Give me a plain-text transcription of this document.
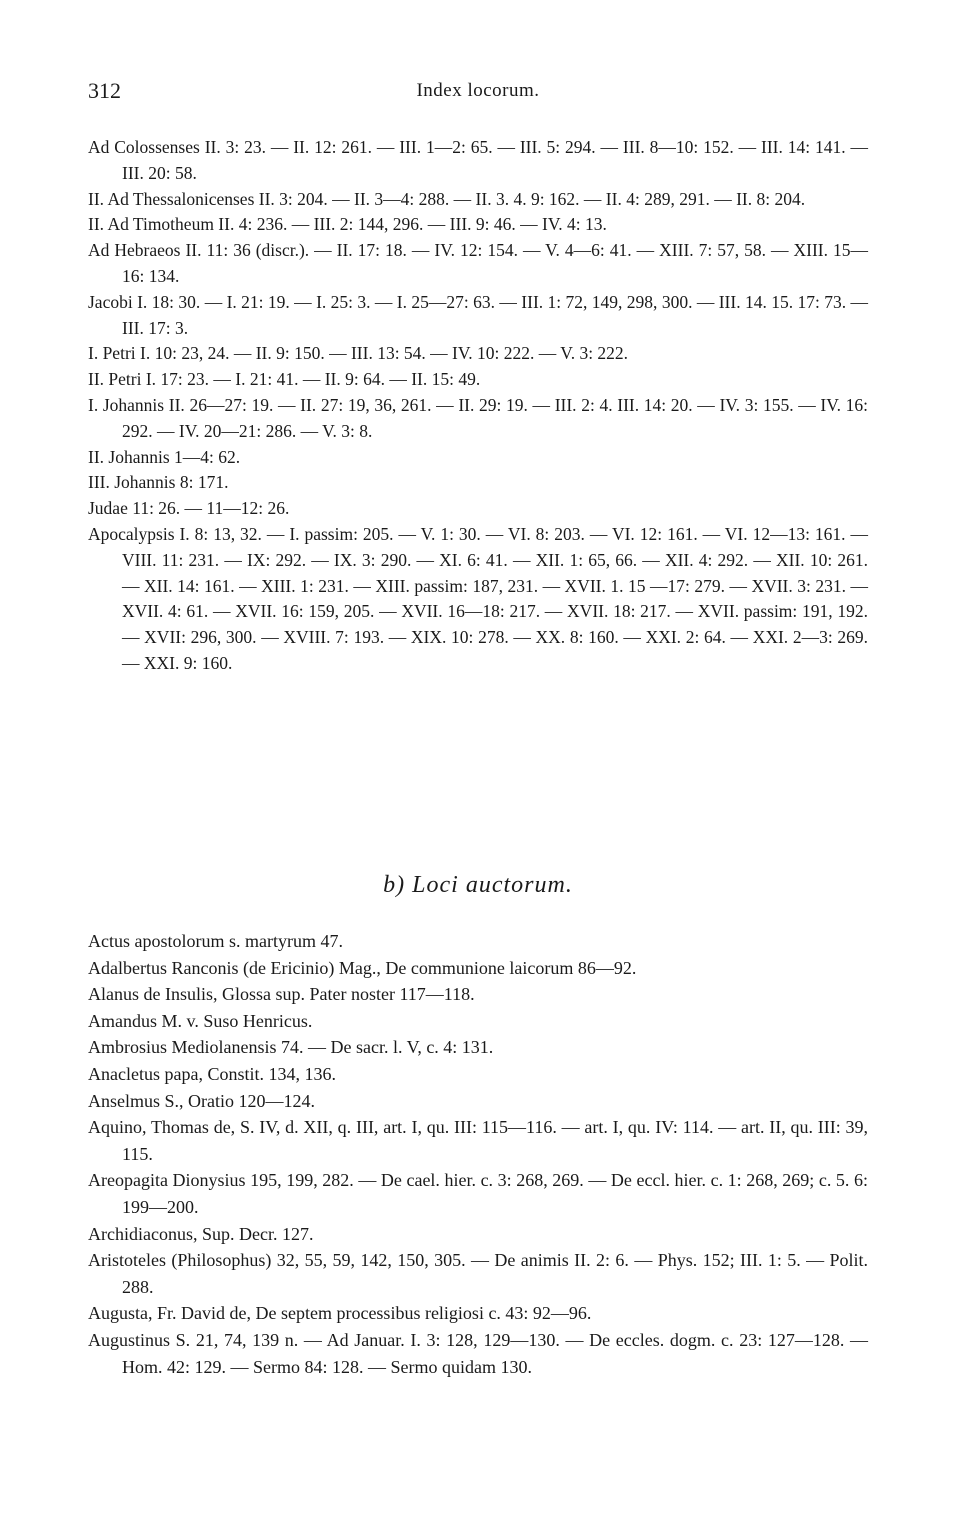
312	Index locorum.
Ad Colossenses II. 3: 23. — II. 12: 261. — III. 1—2: 65. — III. 5: 294. — III. 8—10: 152. — III. 14: 141. — III. 20: 58.
II. Ad Thessalonicenses II. 3: 204. — II. 3—4: 288. — II. 3. 4. 9: 162. — II. 4: 289, 291. — II. 8: 204.
II. Ad Timotheum II. 4: 236. — III. 2: 144, 296. — III. 9: 46. — IV. 4: 13.
Ad Hebraeos II. 11: 36 (discr.). — II. 17: 18. — IV. 12: 154. — V. 4—6: 41. — XIII. 7: 57, 58. — XIII. 15—16: 134.
Jacobi I. 18: 30. — I. 21: 19. — I. 25: 3. — I. 25—27: 63. — III. 1: 72, 149, 298, 300. — III. 14. 15. 17: 73. — III. 17: 3.
I. Petri I. 10: 23, 24. — II. 9: 150. — III. 13: 54. — IV. 10: 222. — V. 3: 222.
II. Petri I. 17: 23. — I. 21: 41. — II. 9: 64. — II. 15: 49.
I. Johannis II. 26—27: 19. — II. 27: 19, 36, 261. — II. 29: 19. — III. 2: 4. III. 14: 20. — IV. 3: 155. — IV. 16: 292. — IV. 20—21: 286. — V. 3: 8.
II. Johannis 1—4: 62.
III. Johannis 8: 171.
Judae 11: 26. — 11—12: 26.
Apocalypsis I. 8: 13, 32. — I. passim: 205. — V. 1: 30. — VI. 8: 203. — VI. 12: 161. — VI. 12—13: 161. — VIII. 11: 231. — IX: 292. — IX. 3: 290. — XI. 6: 41. — XII. 1: 65, 66. — XII. 4: 292. — XII. 10: 261. — XII. 14: 161. — XIII. 1: 231. — XIII. passim: 187, 231. — XVII. 1. 15 —17: 279. — XVII. 3: 231. — XVII. 4: 61. — XVII. 16: 159, 205. — XVII. 16—18: 217. — XVII. 18: 217. — XVII. passim: 191, 192. — XVII: 296, 300. — XVIII. 7: 193. — XIX. 10: 278. — XX. 8: 160. — XXI. 2: 64. — XXI. 2—3: 269. — XXI. 9: 160.
b) Loci auctorum.
Actus apostolorum s. martyrum 47.
Adalbertus Ranconis (de Ericinio) Mag., De communione laicorum 86—92.
Alanus de Insulis, Glossa sup. Pater noster 117—118.
Amandus M. v. Suso Henricus.
Ambrosius Mediolanensis 74. — De sacr. l. V, c. 4: 131.
Anacletus papa, Constit. 134, 136.
Anselmus S., Oratio 120—124.
Aquino, Thomas de, S. IV, d. XII, q. III, art. I, qu. III: 115—116. — art. I, qu. IV: 114. — art. II, qu. III: 39, 115.
Areopagita Dionysius 195, 199, 282. — De cael. hier. c. 3: 268, 269. — De eccl. hier. c. 1: 268, 269; c. 5. 6: 199—200.
Archidiaconus, Sup. Decr. 127.
Aristoteles (Philosophus) 32, 55, 59, 142, 150, 305. — De animis II. 2: 6. — Phys. 152; III. 1: 5. — Polit. 288.
Augusta, Fr. David de, De septem processibus religiosi c. 43: 92—96.
Augustinus S. 21, 74, 139 n. — Ad Januar. I. 3: 128, 129—130. — De eccles. dogm. c. 23: 127—128. — Hom. 42: 129. — Sermo 84: 128. — Sermo quidam 130.
